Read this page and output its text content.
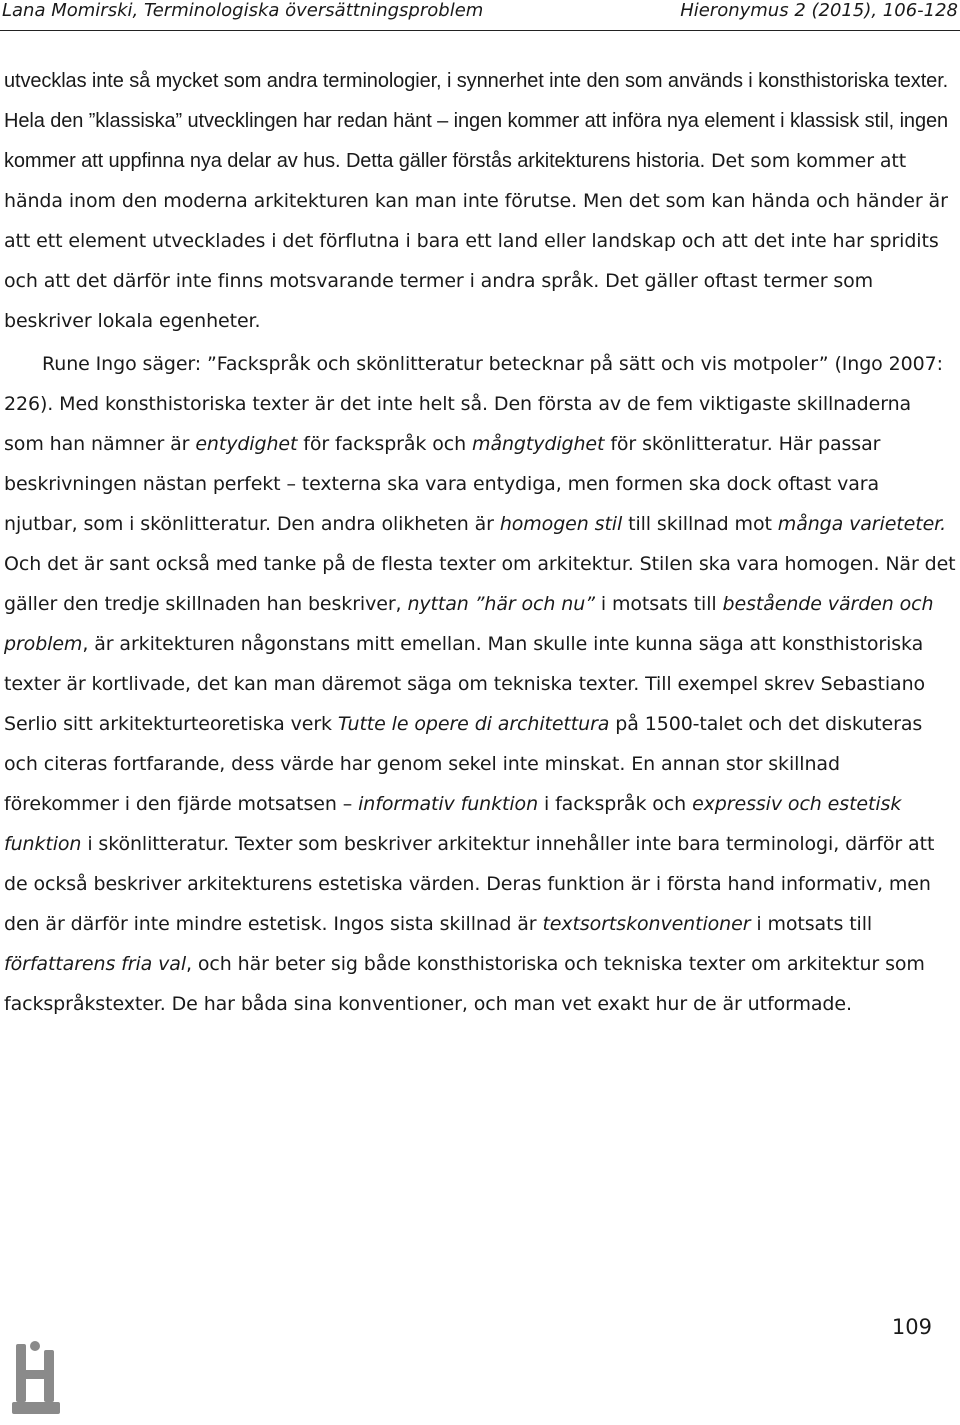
Lana Momirski, Terminologiska översättningsproblem	Hieronymus 2 (2015), 106-128

utvecklas inte så mycket som andra terminologier, i synnerhet inte den som används i konsthistoriska texter. Hela den ”klassiska” utvecklingen har redan hänt – ingen kommer att införa nya element i klassisk stil, ingen kommer att uppfinna nya delar av hus. Detta gäller förstås arkitekturens historia. Det som kommer att hända inom den moderna arkitekturen kan man inte förutse. Men det som kan hända och händer är att ett element utvecklades i det förflutna i bara ett land eller landskap och att det inte har spridits och att det därför inte finns motsvarande termer i andra språk. Det gäller oftast termer som beskriver lokala egenheter.

Rune Ingo säger: ”Fackspråk och skönlitteratur betecknar på sätt och vis motpoler” (Ingo 2007: 226). Med konsthistoriska texter är det inte helt så. Den första av de fem viktigaste skillnaderna som han nämner är entydighet för fackspråk och mångtydighet för skönlitteratur. Här passar beskrivningen nästan perfekt – texterna ska vara entydiga, men formen ska dock oftast vara njutbar, som i skönlitteratur. Den andra olikheten är homogen stil till skillnad mot många varieteter. Och det är sant också med tanke på de flesta texter om arkitektur. Stilen ska vara homogen. När det gäller den tredje skillnaden han beskriver, nyttan ”här och nu” i motsats till bestående värden och problem, är arkitekturen någonstans mitt emellan. Man skulle inte kunna säga att konsthistoriska texter är kortlivade, det kan man däremot säga om tekniska texter. Till exempel skrev Sebastiano Serlio sitt arkitekturteoretiska verk Tutte le opere di architettura på 1500-talet och det diskuteras och citeras fortfarande, dess värde har genom sekel inte minskat. En annan stor skillnad förekommer i den fjärde motsatsen – informativ funktion i fackspråk och expressiv och estetisk funktion i skönlitteratur. Texter som beskriver arkitektur innehåller inte bara terminologi, därför att de också beskriver arkitekturens estetiska värden. Deras funktion är i första hand informativ, men den är därför inte mindre estetisk. Ingos sista skillnad är textsortskonventioner i motsats till författarens fria val, och här beter sig både konsthistoriska och tekniska texter om arkitektur som fackspråkstexter. De har båda sina konventioner, och man vet exakt hur de är utformade.

109
